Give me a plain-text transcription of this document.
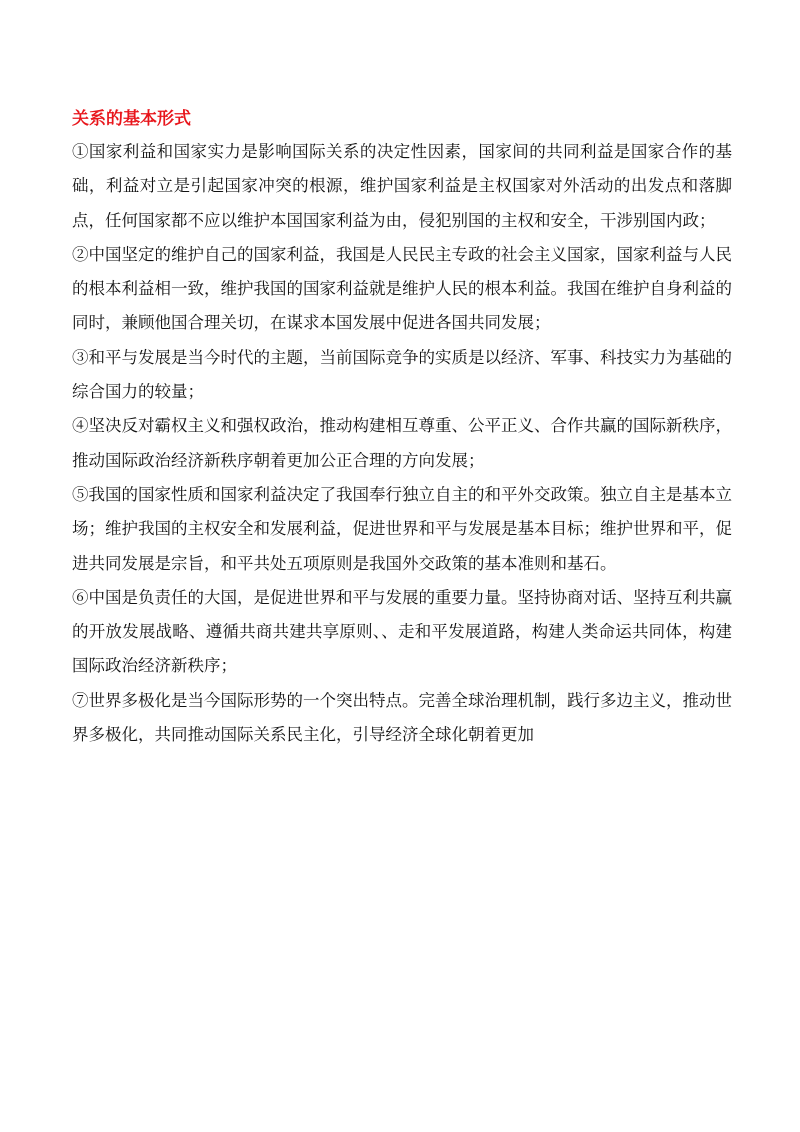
关系的基本形式

①国家利益和国家实力是影响国际关系的决定性因素，国家间的共同利益是国家合作的基础，利益对立是引起国家冲突的根源，维护国家利益是主权国家对外活动的出发点和落脚点，任何国家都不应以维护本国国家利益为由，侵犯别国的主权和安全，干涉别国内政；

②中国坚定的维护自己的国家利益，我国是人民民主专政的社会主义国家，国家利益与人民的根本利益相一致，维护我国的国家利益就是维护人民的根本利益。我国在维护自身利益的同时，兼顾他国合理关切，在谋求本国发展中促进各国共同发展；

③和平与发展是当今时代的主题，当前国际竞争的实质是以经济、军事、科技实力为基础的综合国力的较量；

④坚决反对霸权主义和强权政治，推动构建相互尊重、公平正义、合作共赢的国际新秩序，推动国际政治经济新秩序朝着更加公正合理的方向发展；

⑤我国的国家性质和国家利益决定了我国奉行独立自主的和平外交政策。独立自主是基本立场；维护我国的主权安全和发展利益，促进世界和平与发展是基本目标；维护世界和平，促进共同发展是宗旨，和平共处五项原则是我国外交政策的基本准则和基石。

⑥中国是负责任的大国，是促进世界和平与发展的重要力量。坚持协商对话、坚持互利共赢的开放发展战略、遵循共商共建共享原则、、走和平发展道路，构建人类命运共同体，构建国际政治经济新秩序；

⑦世界多极化是当今国际形势的一个突出特点。完善全球治理机制，践行多边主义，推动世界多极化，共同推动国际关系民主化，引导经济全球化朝着更加
